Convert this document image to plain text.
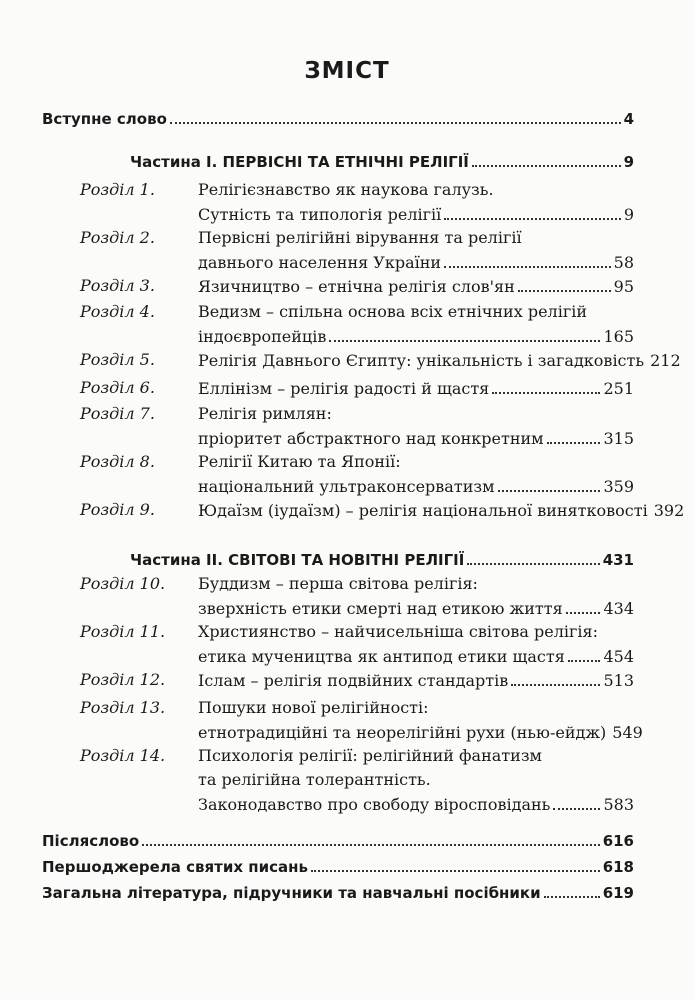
ЗМІСТ
Вступне слово	4
Частина I. ПЕРВІСНІ ТА ЕТНІЧНІ РЕЛІГІЇ	9
Розділ 1.	Релігієзнавство як наукова галузь.
Сутність та типологія релігії	9
Розділ 2.	Первісні релігійні вірування та релігії
давнього населення України	58
Розділ 3.	Язичництво – етнічна релігія слов'ян	95
Розділ 4.	Ведизм – спільна основа всіх етнічних релігій
індоєвропейців	165
Розділ 5.	Релігія Давнього Єгипту: унікальність і загадковість 212
Розділ 6.	Еллінізм – релігія радості й щастя	251
Розділ 7.	Релігія римлян:
пріоритет абстрактного над конкретним	315
Розділ 8.	Релігії Китаю та Японії:
національний ультраконсерватизм	359
Розділ 9.	Юдаїзм (іудаїзм) – релігія національної винятковості 392
Частина II. СВІТОВІ ТА НОВІТНІ РЕЛІГІЇ	431
Розділ 10. Буддизм – перша світова релігія:
зверхність етики смерті над етикою життя	434
Розділ 11. Християнство – найчисельніша світова релігія:
етика мучеництва як антипод етики щастя 454
Розділ 12. Іслам – релігія подвійних стандартів	513
Розділ 13. Пошуки нової релігійності:
етнотрадиційні та неорелігійні рухи (нью-ейдж) 549
Розділ 14. Психологія релігії: релігійний фанатизм
та релігійна толерантність.
Законодавство про свободу віросповідань	583
Післяслово	616
Першоджерела святих писань	618
Загальна література, підручники та навчальні посібники	619
